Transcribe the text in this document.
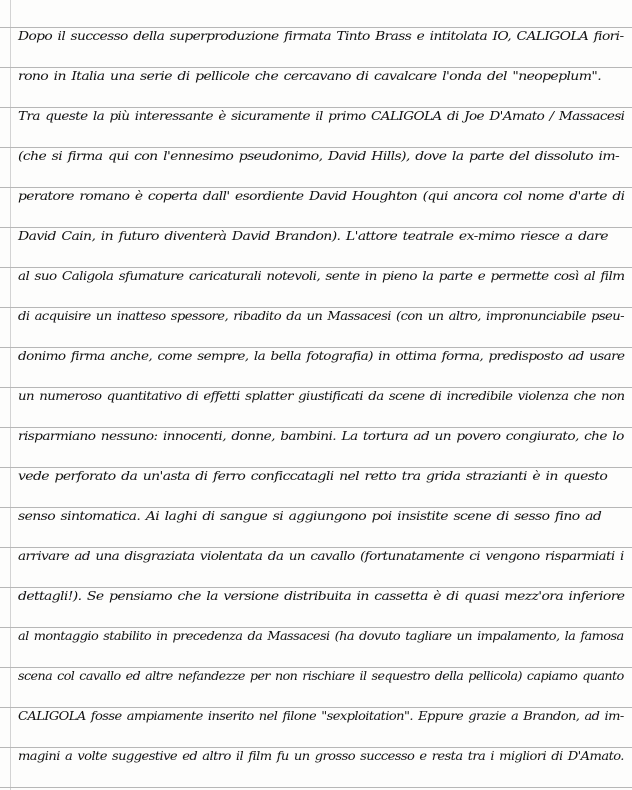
Dopo il successo della superproduzione firmata Tinto Brass e intitolata IO, CALIGOLA fiori-
rono in Italia una serie di pellicole che cercavano di cavalcare l'onda del "neopeplum".
Tra queste la più interessante è sicuramente il primo CALIGOLA di Joe D'Amato / Massacesi
(che si firma qui con l'ennesimo pseudonimo, David Hills), dove la parte del dissoluto im-
peratore romano è coperta dall' esordiente David Houghton (qui ancora col nome d'arte di
David Cain, in futuro diventerà David Brandon). L'attore teatrale ex-mimo riesce a dare
al suo Caligola sfumature caricaturali notevoli, sente in pieno la parte e permette così al film
di acquisire un inatteso spessore, ribadito da un Massacesi (con un altro, impronunciabile pseu-
donimo firma anche, come sempre, la bella fotografia) in ottima forma, predisposto ad usare
un numeroso quantitativo di effetti splatter giustificati da scene di incredibile violenza che non
risparmiano nessuno: innocenti, donne, bambini. La tortura ad un povero congiurato, che lo
vede perforato da un'asta di ferro conficcatagli nel retto tra grida strazianti è in questo
senso sintomatica. Ai laghi di sangue si aggiungono poi insistite scene di sesso fino ad
arrivare ad una disgraziata violentata da un cavallo (fortunatamente ci vengono risparmiati i
dettagli!). Se pensiamo che la versione distribuita in cassetta è di quasi mezz'ora inferiore
al montaggio stabilito in precedenza da Massacesi (ha dovuto tagliare un impalamento, la famosa
scena col cavallo ed altre nefandezze per non rischiare il sequestro della pellicola) capiamo quanto
CALIGOLA fosse ampiamente inserito nel filone "sexploitation". Eppure grazie a Brandon, ad im-
magini a volte suggestive ed altro il film fu un grosso successo e resta tra i migliori di D'Amato.
